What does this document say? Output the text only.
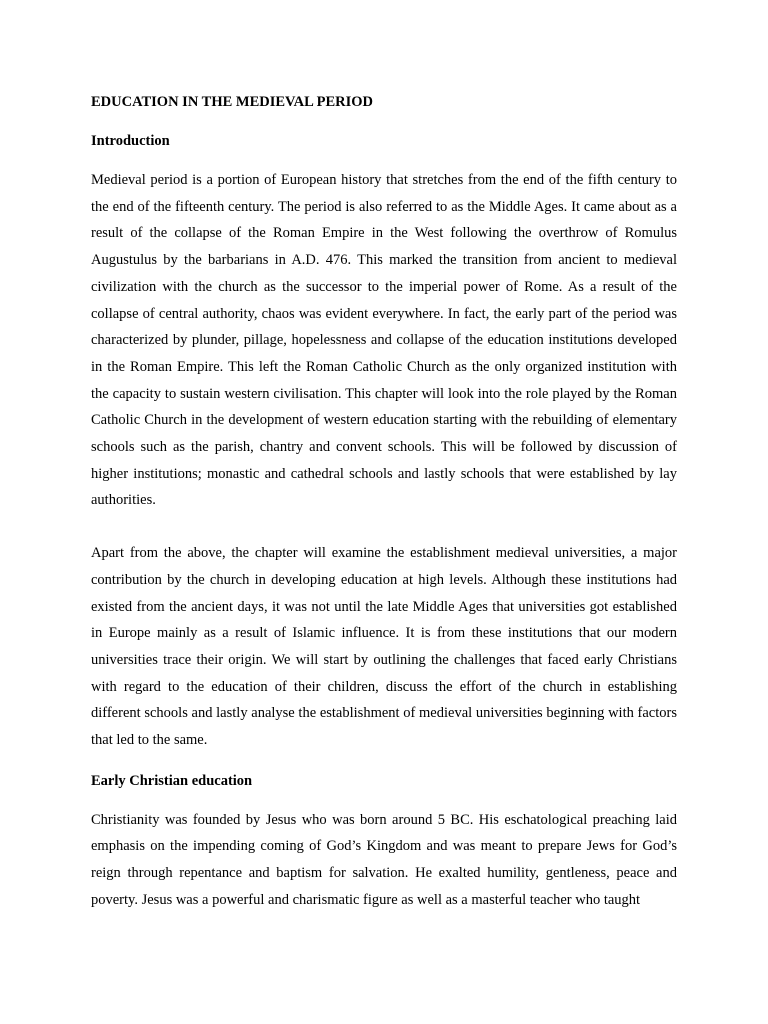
EDUCATION IN THE MEDIEVAL PERIOD
Introduction

Medieval period is a portion of European history that stretches from the end of the fifth century to the end of the fifteenth century. The period is also referred to as the Middle Ages. It came about as a result of the collapse of the Roman Empire in the West following the overthrow of Romulus Augustulus by the barbarians in A.D. 476. This marked the transition from ancient to medieval civilization with the church as the successor to the imperial power of Rome. As a result of the collapse of central authority, chaos was evident everywhere. In fact, the early part of the period was characterized by plunder, pillage, hopelessness and collapse of the education institutions developed in the Roman Empire. This left the Roman Catholic Church as the only organized institution with the capacity to sustain western civilisation. This chapter will look into the role played by the Roman Catholic Church in the development of western education starting with the rebuilding of elementary schools such as the parish, chantry and convent schools. This will be followed by discussion of higher institutions; monastic and cathedral schools and lastly schools that were established by lay authorities.

Apart from the above, the chapter will examine the establishment medieval universities, a major contribution by the church in developing education at high levels. Although these institutions had existed from the ancient days, it was not until the late Middle Ages that universities got established in Europe mainly as a result of Islamic influence. It is from these institutions that our modern universities trace their origin. We will start by outlining the challenges that faced early Christians with regard to the education of their children, discuss the effort of the church in establishing different schools and lastly analyse the establishment of medieval universities beginning with factors that led to the same.

Early Christian education

Christianity was founded by Jesus who was born around 5 BC. His eschatological preaching laid emphasis on the impending coming of God’s Kingdom and was meant to prepare Jews for God’s reign through repentance and baptism for salvation. He exalted humility, gentleness, peace and poverty. Jesus was a powerful and charismatic figure as well as a masterful teacher who taught
